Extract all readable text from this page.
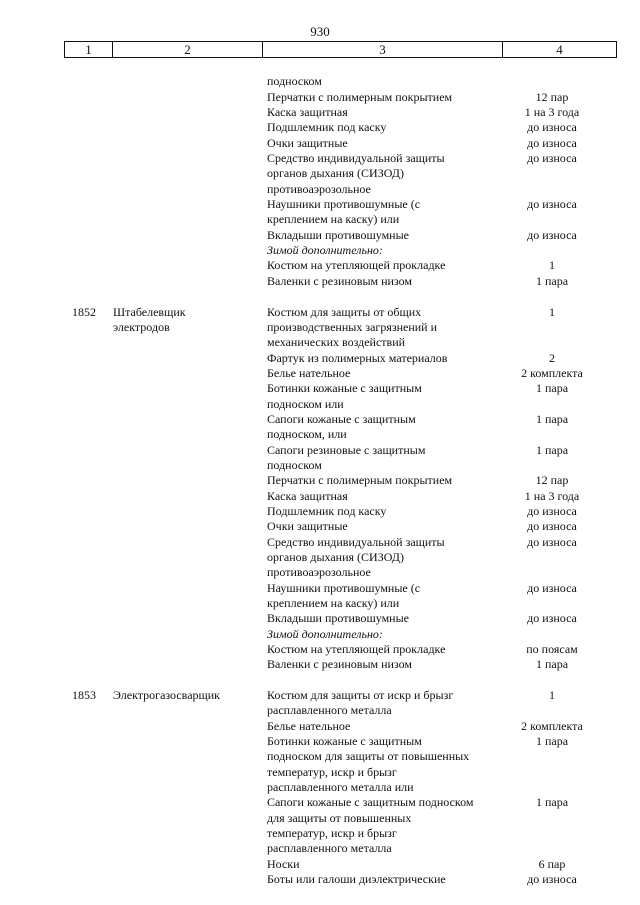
930
1	2	3	4
подноском
Перчатки с полимерным покрытием	12 пар
Каска защитная	1 на 3 года
Подшлемник под каску	до износа
Очки защитные	до износа
Средство индивидуальной защиты	до износа
органов дыхания (СИЗОД)
противоаэрозольное
Наушники противошумные (с	до износа
креплением на каску) или
Вкладыши противошумные	до износа
Зимой дополнительно:
Костюм на утепляющей прокладке	1
Валенки с резиновым низом	1 пара
1852	Штабелевщик	Костюм для защиты от общих	1
электродов	производственных загрязнений и
механических воздействий
Фартук из полимерных материалов	2
Белье нательное	2 комплекта
Ботинки кожаные с защитным	1 пара
подноском или
Сапоги кожаные с защитным	1 пара
подноском, или
Сапоги резиновые с защитным	1 пара
подноском
Перчатки с полимерным покрытием	12 пар
Каска защитная	1 на 3 года
Подшлемник под каску	до износа
Очки защитные	до износа
Средство индивидуальной защиты	до износа
органов дыхания (СИЗОД)
противоаэрозольное
Наушники противошумные (с	до износа
креплением на каску) или
Вкладыши противошумные	до износа
Зимой дополнительно:
Костюм на утепляющей прокладке	по поясам
Валенки с резиновым низом	1 пара
1853	Электрогазосварщик	Костюм для защиты от искр и брызг	1
расплавленного металла
Белье нательное	2 комплекта
Ботинки кожаные с защитным	1 пара
подноском для защиты от повышенных
температур, искр и брызг
расплавленного металла или
Сапоги кожаные с защитным подноском	1 пара
для защиты от повышенных
температур, искр и брызг
расплавленного металла
Носки	6 пар
Боты или галоши диэлектрические	до износа
